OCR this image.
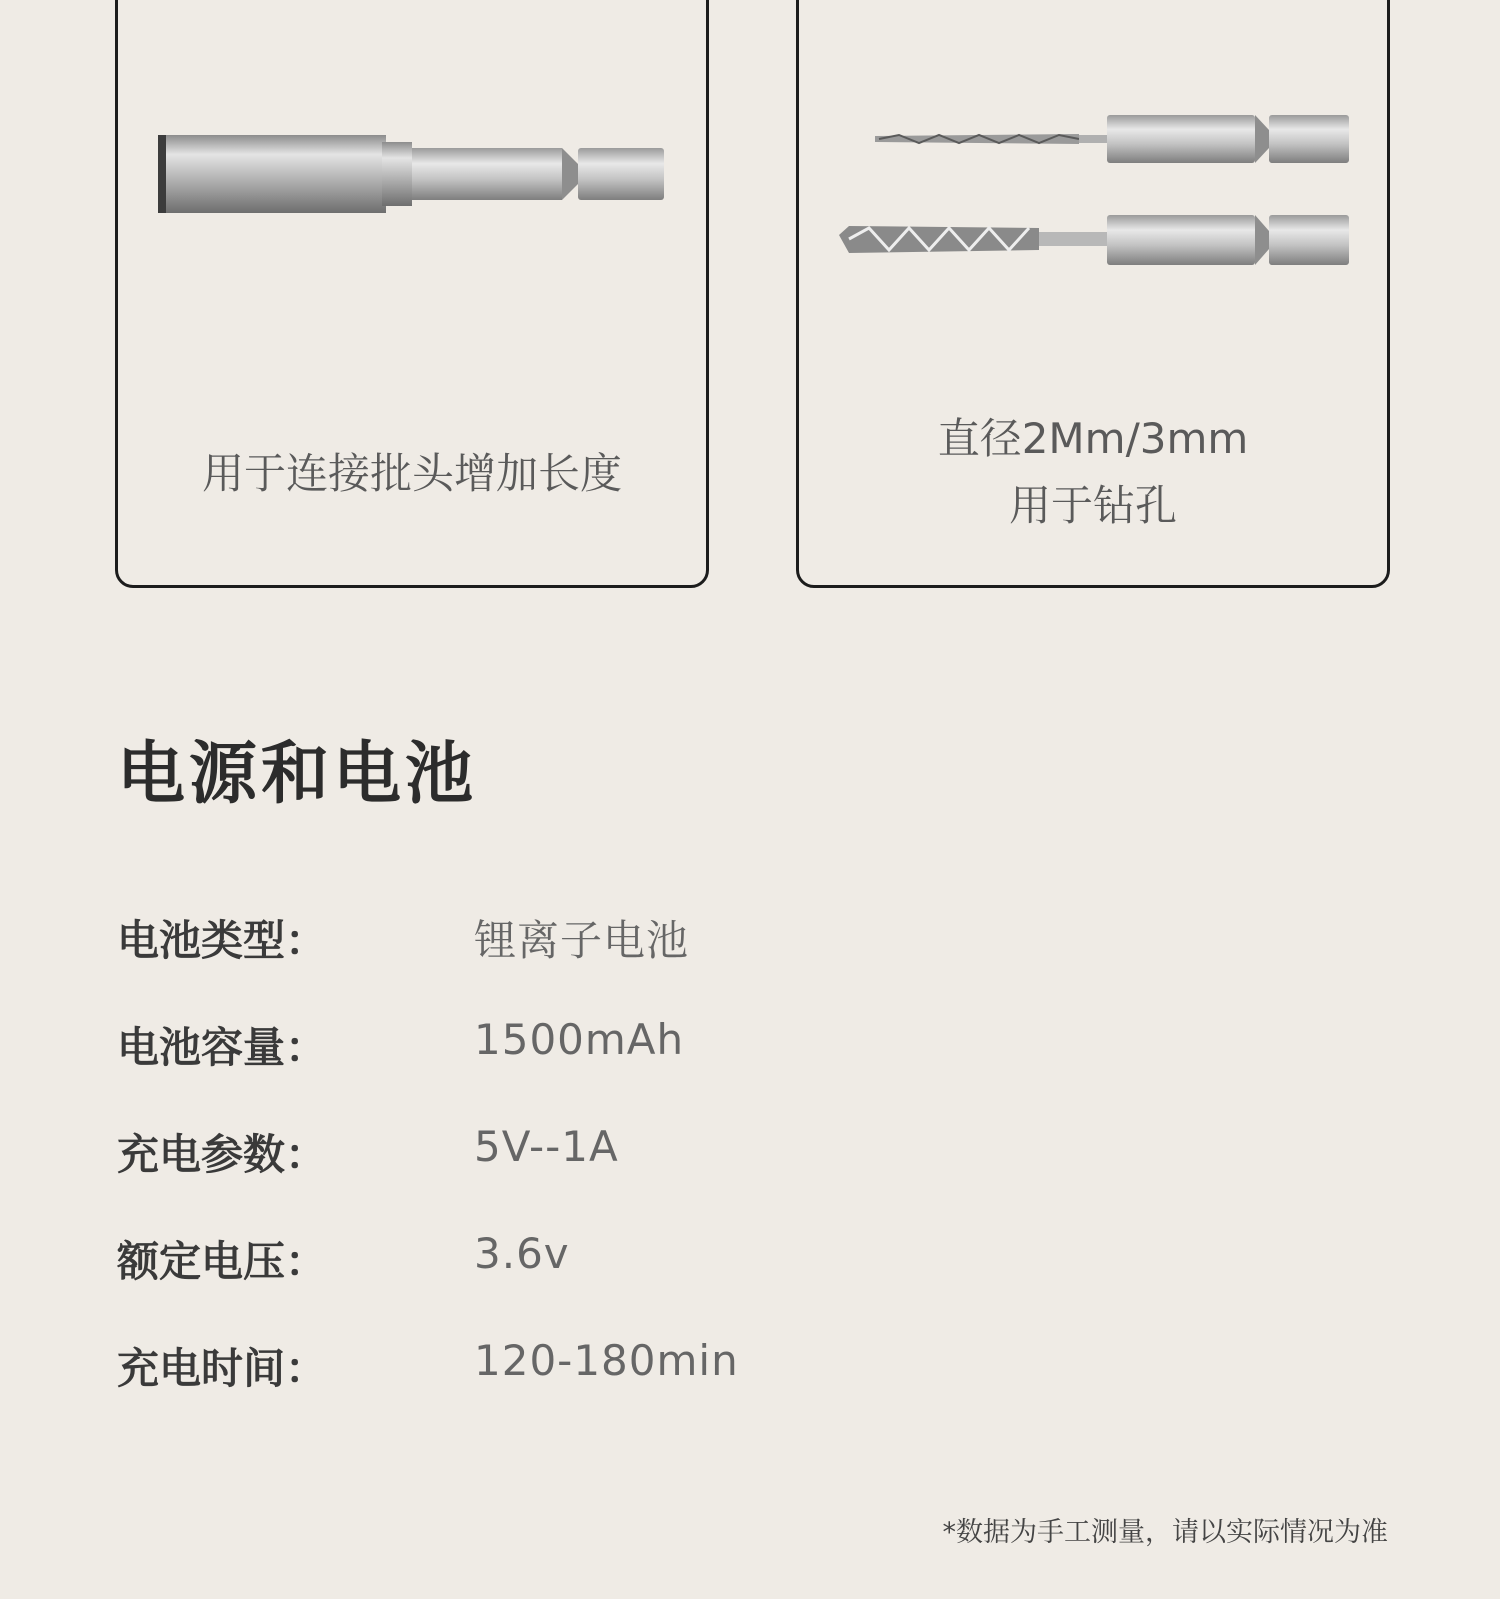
用于连接批头增加长度
直径2Mm/3mm
用于钻孔
电源和电池
电池类型：	锂离子电池
电池容量：	1500mAh
充电参数：	5V--1A
额定电压：	3.6v
充电时间：	120-180min
*数据为手工测量，请以实际情况为准
